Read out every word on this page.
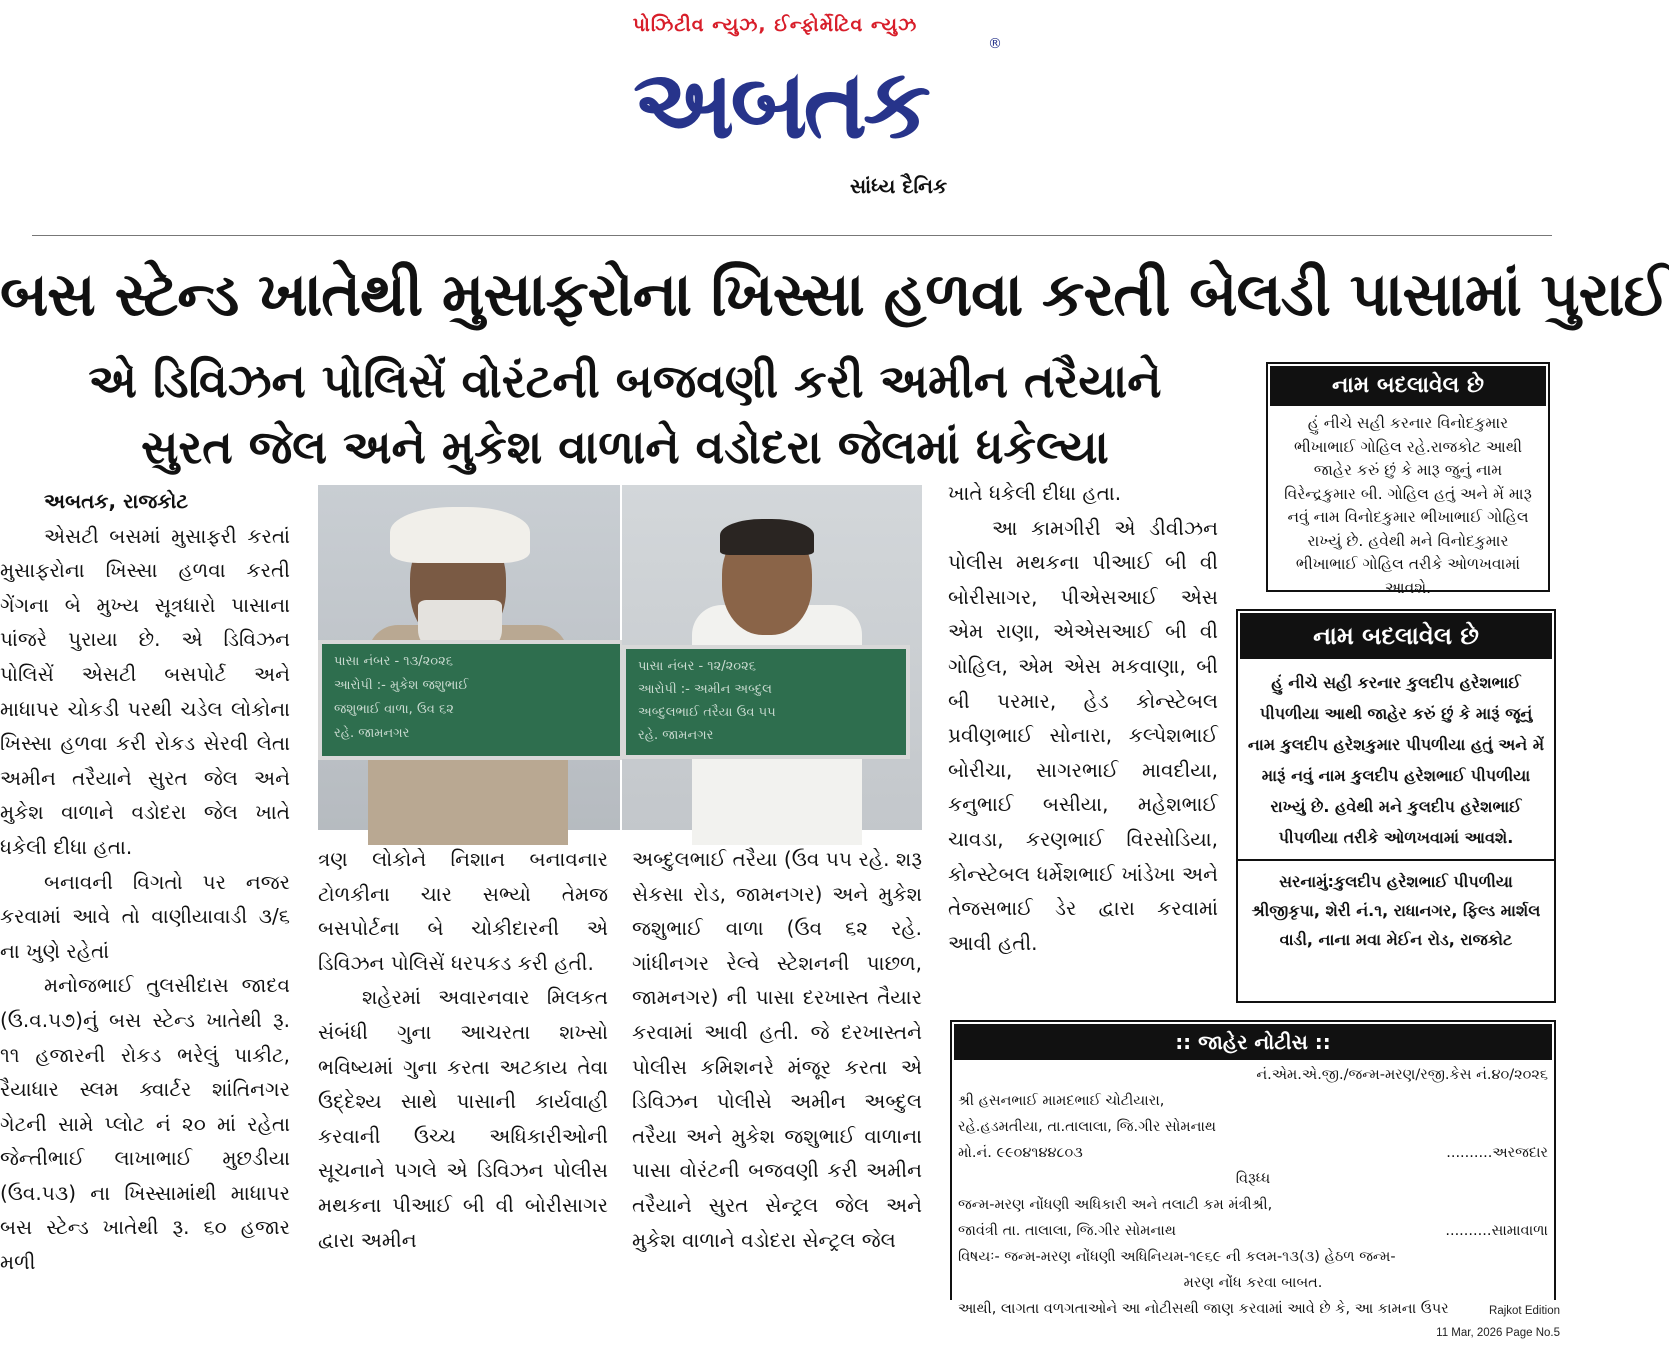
પોઝિટીવ ન્યુઝ, ઈન્ફોર્મેટિવ ન્યુઝ
અબતક
®
સાંધ્ય દૈનિક
બસ સ્ટેન્ડ ખાતેથી મુસાફરોના ખિસ્સા હળવા કરતી બેલડી પાસામાં પુરાઈ
એ ડિવિઝન પોલિસેં વોરંટની બજવણી કરી અમીન તરૈયાને
સુરત જેલ અને મુકેશ વાળાને વડોદરા જેલમાં ધકેલ્યા

અબતક, રાજકોટ

એસટી બસમાં મુસાફરી કરતાં મુસાફરોના ખિસ્સા હળવા કરતી ગેંગના બે મુખ્ય સૂત્રધારો પાસાના પાંજરે પુરાયા છે. એ ડિવિઝન પોલિસેં એસટી બસપોર્ટ અને માધાપર ચોકડી પરથી ચડેલ લોકોના ખિસ્સા હળવા કરી રોકડ સેરવી લેતા અમીન તરૈયાને સુરત જેલ અને મુકેશ વાળાને વડોદરા જેલ ખાતે ધકેલી દીધા હતા.

બનાવની વિગતો પર નજર કરવામાં આવે તો વાણીયાવાડી ૩/૬ ના ખુણે રહેતાં

મનોજભાઈ તુલસીદાસ જાદવ (ઉ.વ.૫૭)નું બસ સ્ટેન્ડ ખાતેથી રૂ. ૧૧ હજારની રોકડ ભરેલું પાકીટ, રૈયાધાર સ્લમ ક્વાર્ટર શાંતિનગર ગેટની સામે પ્લોટ નં ૨૦ માં રહેતા જેન્તીભાઈ લાખાભાઈ મુછડીયા (ઉવ.૫૩) ના ખિસ્સામાંથી માધાપર બસ સ્ટેન્ડ ખાતેથી રૂ. ૬૦ હજાર મળી

પાસા નંબર - ૧૩/૨૦૨૬
આરોપી :- મુકેશ જશુભાઈ
જશુભાઈ વાળા, ઉવ ૬૨
રહે. જામનગર
પાસા નંબર - ૧૨/૨૦૨૬
આરોપી :- અમીન અબ્દુલ
અબ્દુલભાઈ તરૈયા ઉવ ૫૫
રહે. જામનગર

ત્રણ લોકોને નિશાન બનાવનાર ટોળકીના ચાર સભ્યો તેમજ બસપોર્ટના બે ચોકીદારની એ ડિવિઝન પોલિસેં ધરપકડ કરી હતી.

શહેરમાં અવારનવાર મિલકત સંબંધી ગુના આચરતા શખ્સો ભવિષ્યમાં ગુના કરતા અટકાય તેવા ઉદ્દેશ્ય સાથે પાસાની કાર્યવાહી કરવાની ઉચ્ચ અધિકારીઓની સૂચનાને પગલે એ ડિવિઝન પોલીસ મથકના પીઆઈ બી વી બોરીસાગર દ્વારા અમીન

અબ્દુલભાઈ તરૈયા (ઉવ ૫૫ રહે. શરૂ સેકસા રોડ, જામનગર) અને મુકેશ જશુભાઈ વાળા (ઉવ ૬૨ રહે. ગાંધીનગર રેલ્વે સ્ટેશનની પાછળ, જામનગર) ની પાસા દરખાસ્ત તૈયાર કરવામાં આવી હતી. જે દરખાસ્તને પોલીસ કમિશનરે મંજૂર કરતા એ ડિવિઝન પોલીસે અમીન અબ્દુલ તરૈયા અને મુકેશ જશુભાઈ વાળાના પાસા વોરંટની બજવણી કરી અમીન તરૈયાને સુરત સેન્ટ્રલ જેલ અને મુકેશ વાળાને વડોદરા સેન્ટ્રલ જેલ

ખાતે ધકેલી દીધા હતા.

આ કામગીરી એ ડીવીઝન પોલીસ મથકના પીઆઈ બી વી બોરીસાગર, પીએસઆઈ એસ એમ રાણા, એએસઆઈ બી વી ગોહિલ, એમ એસ મકવાણા, બી બી પરમાર, હેડ કોન્સ્ટેબલ પ્રવીણભાઈ સોનારા, કલ્પેશભાઈ બોરીચા, સાગરભાઈ માવદીયા, કનુભાઈ બસીયા, મહેશભાઈ ચાવડા, કરણભાઈ વિરસોડિયા, કોન્સ્ટેબલ ધર્મેશભાઈ ખાંડેખા અને તેજસભાઈ ડેર દ્વારા કરવામાં આવી હતી.

નામ બદલાવેલ છે
હું નીચે સહી કરનાર વિનોદકુમાર ભીખાભાઈ ગોહિલ રહે.રાજકોટ આથી જાહેર કરું છું કે મારૂ જુનું નામ વિરેન્દ્રકુમાર બી. ગોહિલ હતું અને મેં મારૂ નવું નામ વિનોદકુમાર ભીખાભાઈ ગોહિલ રાખ્યું છે. હવેથી મને વિનોદકુમાર ભીખાભાઈ ગોહિલ તરીકે ઓળખવામાં આવશે.
નામ બદલાવેલ છે
હું નીચે સહી કરનાર કુલદીપ હરેશભાઈ પીપળીયા આથી જાહેર કરું છું કે મારૂં જૂનું નામ કુલદીપ હરેશકુમાર પીપળીયા હતું અને મેં મારૂં નવું નામ કુલદીપ હરેશભાઈ પીપળીયા રાખ્યું છે. હવેથી મને કુલદીપ હરેશભાઈ પીપળીયા તરીકે ઓળખવામાં આવશે.
સરનામું:કુલદીપ હરેશભાઈ પીપળીયા શ્રીજીકૃપા, શેરી નં.૧, રાધાનગર, ફિલ્ડ માર્શલ વાડી, નાના મવા મેઈન રોડ, રાજકોટ
:: જાહેર નોટીસ ::
નં.એમ.એ.જી./જન્મ-મરણ/રજી.કેસ નં.૪૦/૨૦૨૬
શ્રી હસનભાઈ મામદભાઈ ચોટીયારા,
રહે.હડમતીયા, તા.તાલાલા, જિ.ગીર સોમનાથ
મો.નં. ૯૯૦૪૧૪૪૮૦૩	..........અરજદાર
વિરૂધ્ધ
જન્મ-મરણ નોંધણી અધિકારી અને તલાટી કમ મંત્રીશ્રી,
જાવંત્રી તા. તાલાલા, જિ.ગીર સોમનાથ	..........સામાવાળા
વિષયઃ- જન્મ-મરણ નોંધણી અધિનિયમ-૧૯૬૯ ની કલમ-૧૩(૩) હેઠળ જન્મ-
મરણ નોંધ કરવા બાબત.
આથી, લાગતા વળગતાઓને આ નોટીસથી જાણ કરવામાં આવે છે કે, આ કામના ઉપર	Rajkot Edition
11 Mar, 2026 Page No.5
